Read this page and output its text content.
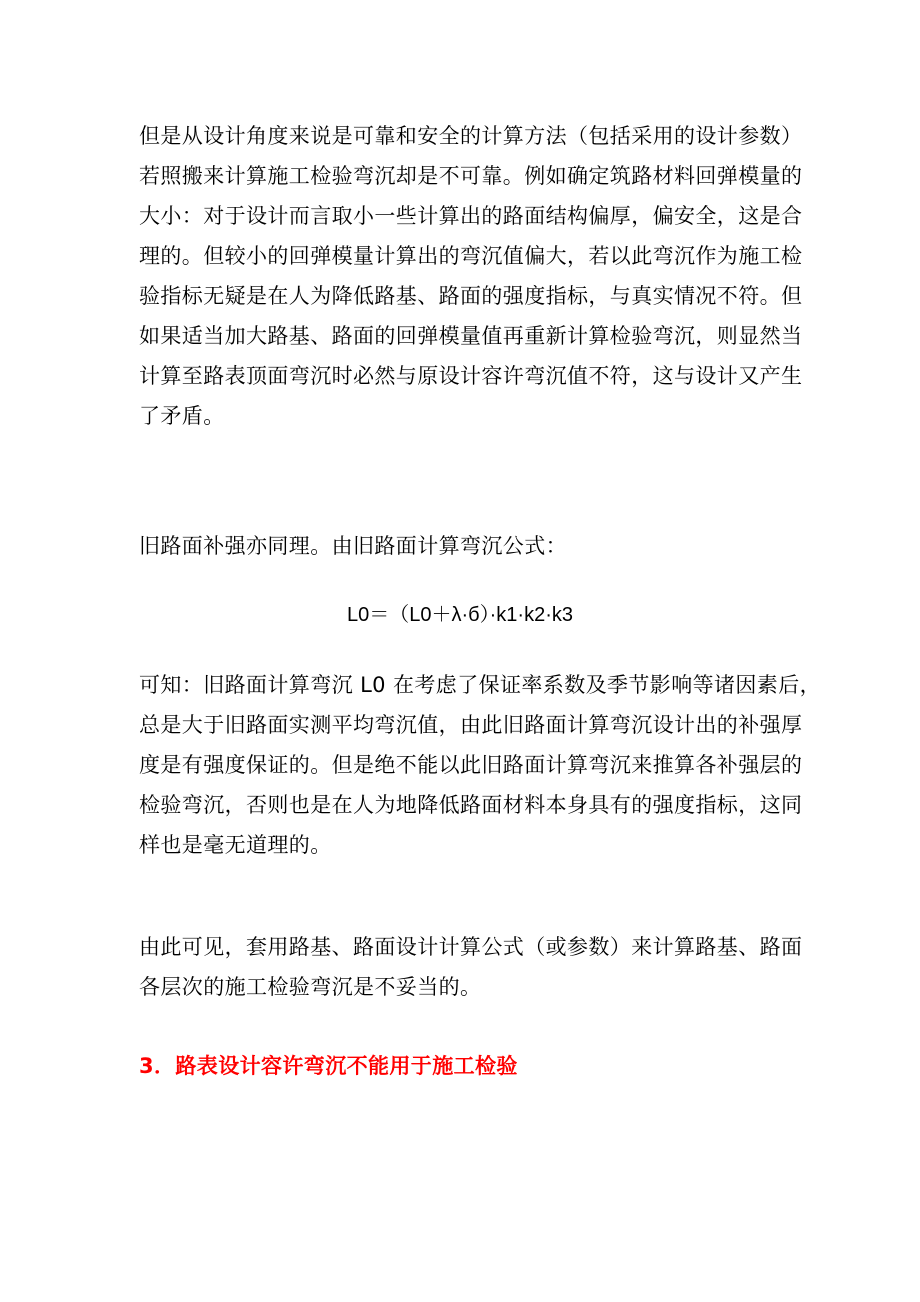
但是从设计角度来说是可靠和安全的计算方法（包括采用的设计参数）
若照搬来计算施工检验弯沉却是不可靠。例如确定筑路材料回弹模量的
大小：对于设计而言取小一些计算出的路面结构偏厚，偏安全，这是合
理的。但较小的回弹模量计算出的弯沉值偏大，若以此弯沉作为施工检
验指标无疑是在人为降低路基、路面的强度指标，与真实情况不符。但
如果适当加大路基、路面的回弹模量值再重新计算检验弯沉，则显然当
计算至路表顶面弯沉时必然与原设计容许弯沉值不符，这与设计又产生
了矛盾。

旧路面补强亦同理。由旧路面计算弯沉公式：

L0＝（L0＋λ·б）·k1·k2·k3

可知：旧路面计算弯沉 L0 在考虑了保证率系数及季节影响等诸因素后，
总是大于旧路面实测平均弯沉值，由此旧路面计算弯沉设计出的补强厚
度是有强度保证的。但是绝不能以此旧路面计算弯沉来推算各补强层的
检验弯沉，否则也是在人为地降低路面材料本身具有的强度指标，这同
样也是毫无道理的。

由此可见，套用路基、路面设计计算公式（或参数）来计算路基、路面
各层次的施工检验弯沉是不妥当的。

3．路表设计容许弯沉不能用于施工检验
